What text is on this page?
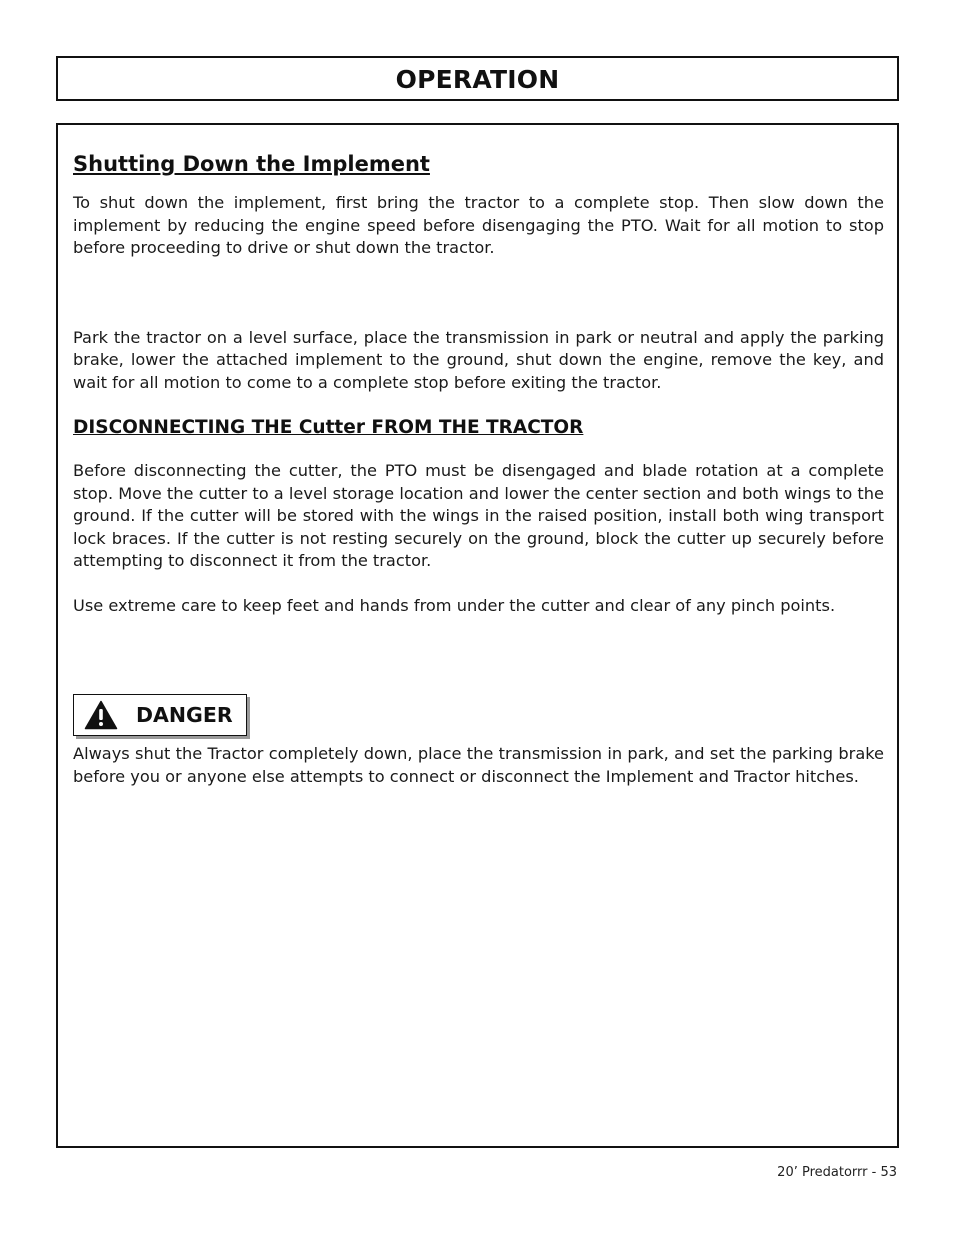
OPERATION
Shutting Down the Implement

To shut down the implement, first bring the tractor to a complete stop. Then slow down the implement by reducing the engine speed before disengaging the PTO. Wait for all motion to stop before proceeding to drive or shut down the tractor.

Park the tractor on a level surface, place the transmission in park or neutral and apply the parking brake, lower the attached implement to the ground, shut down the engine, remove the key, and wait for all motion to come to a complete stop before exiting the tractor.

DISCONNECTING THE Cutter FROM THE TRACTOR

Before disconnecting the cutter, the PTO must be disengaged and blade rotation at a complete stop. Move the cutter to a level storage location and lower the center section and both wings to the ground. If the cutter will be stored with the wings in the raised position, install both wing transport lock braces. If the cutter is not resting securely on the ground, block the cutter up securely before attempting to disconnect it from the tractor.

Use extreme care to keep feet and hands from under the cutter and clear of any pinch points.

DANGER

Always shut the Tractor completely down, place the transmission in park, and set the parking brake before you or anyone else attempts to connect or disconnect the Implement and Tractor hitches.

20’ Predatorrr - 53
